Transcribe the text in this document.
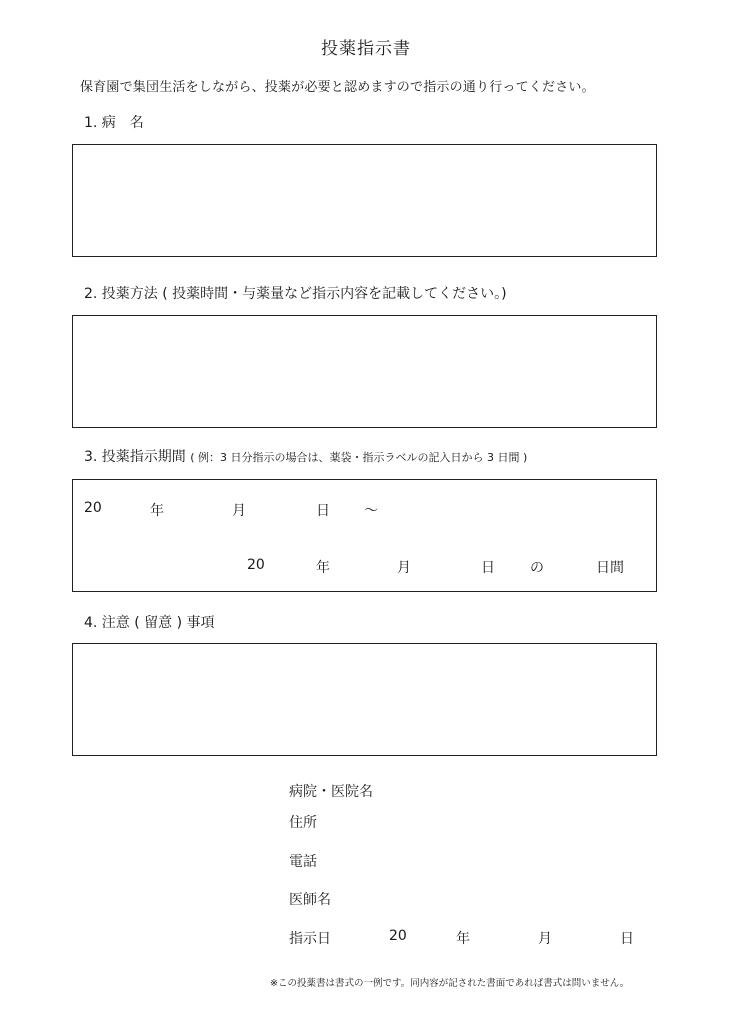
投薬指示書
保育園で集団生活をしながら、投薬が必要と認めますので指示の通り行ってください。
1. 病　名
2. 投薬方法 ( 投薬時間・与薬量など指示内容を記載してください。)
3. 投薬指示期間 ( 例：3 日分指示の場合は、薬袋・指示ラベルの記入日から 3 日間 )
20	年	月	日 〜
20	年	月	日	の	日間
4. 注意 ( 留意 ) 事項
病院・医院名
住所
電話
医師名
指示日	20	年	月	日
※この投薬書は書式の一例です。同内容が記された書面であれば書式は問いません。
